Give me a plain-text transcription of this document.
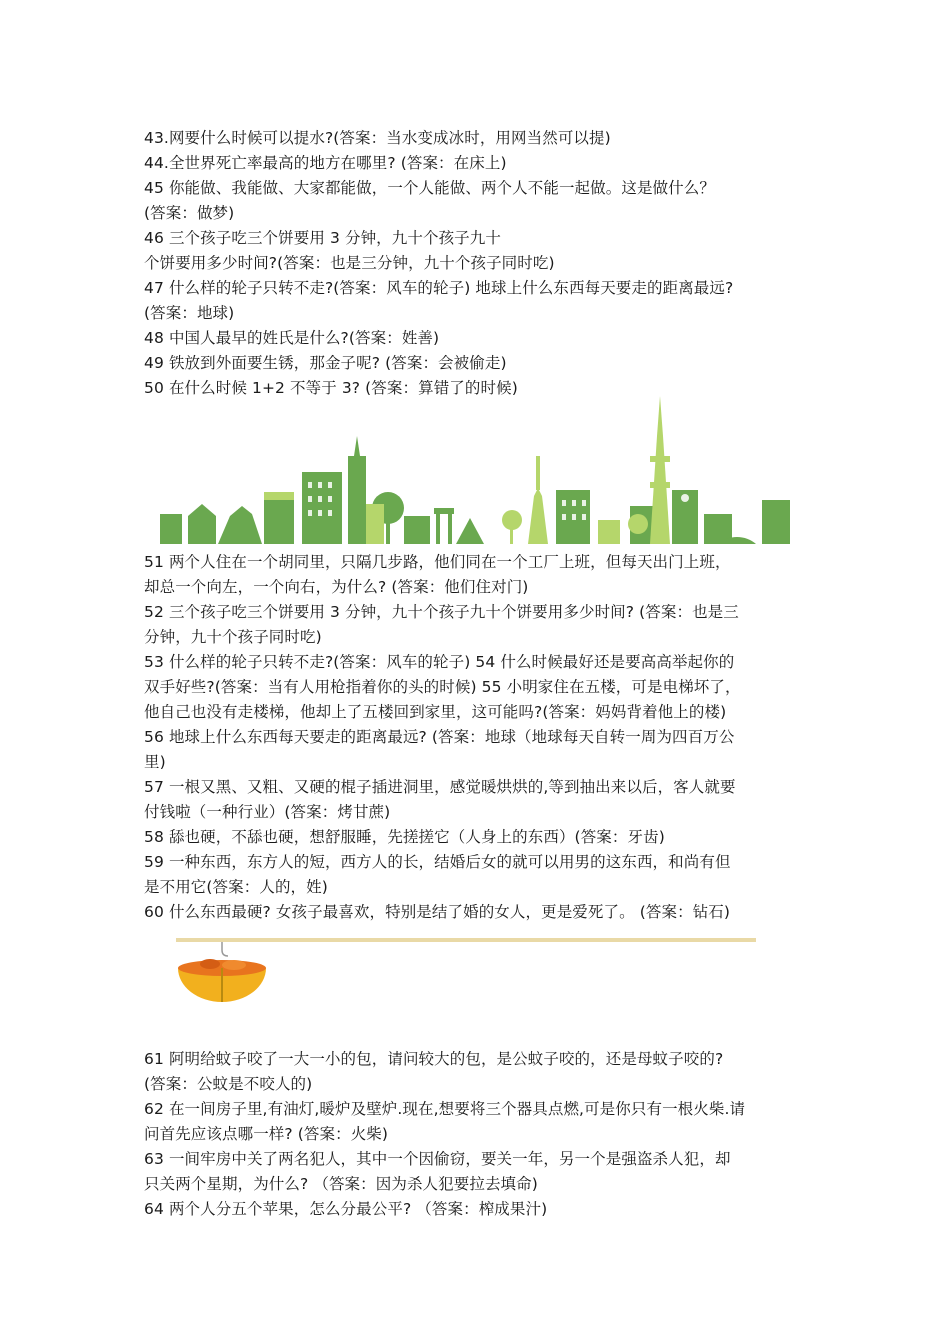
43.网要什么时候可以提水?(答案：当水变成冰时，用网当然可以提)
44.全世界死亡率最高的地方在哪里? (答案：在床上)
45 你能做、我能做、大家都能做，一个人能做、两个人不能一起做。这是做什么？
(答案：做梦)
46 三个孩子吃三个饼要用 3 分钟，九十个孩子九十
个饼要用多少时间?(答案：也是三分钟，九十个孩子同时吃)
47 什么样的轮子只转不走?(答案：风车的轮子) 地球上什么东西每天要走的距离最远?
(答案：地球)
48 中国人最早的姓氏是什么?(答案：姓善)
49 铁放到外面要生锈，那金子呢? (答案：会被偷走)
50 在什么时候 1+2 不等于 3? (答案：算错了的时候)
51 两个人住在一个胡同里，只隔几步路，他们同在一个工厂上班，但每天出门上班，
却总一个向左，一个向右，为什么? (答案：他们住对门)
52 三个孩子吃三个饼要用 3 分钟，九十个孩子九十个饼要用多少时间? (答案：也是三
分钟，九十个孩子同时吃)
53 什么样的轮子只转不走?(答案：风车的轮子) 54 什么时候最好还是要高高举起你的
双手好些?(答案：当有人用枪指着你的头的时候) 55 小明家住在五楼，可是电梯坏了，
他自己也没有走楼梯，他却上了五楼回到家里，这可能吗?(答案：妈妈背着他上的楼)
56 地球上什么东西每天要走的距离最远? (答案：地球（地球每天自转一周为四百万公
里)
57 一根又黑、又粗、又硬的棍子插进洞里，感觉暖烘烘的,等到抽出来以后，客人就要
付钱啦（一种行业）(答案：烤甘蔗)
58 舔也硬，不舔也硬，想舒服睡，先搓搓它（人身上的东西）(答案：牙齿)
59 一种东西，东方人的短，西方人的长，结婚后女的就可以用男的这东西，和尚有但
是不用它(答案：人的，姓)
60 什么东西最硬? 女孩子最喜欢，特别是结了婚的女人，更是爱死了。 (答案：钻石)
61 阿明给蚊子咬了一大一小的包，请问较大的包，是公蚊子咬的，还是母蚊子咬的?
(答案：公蚊是不咬人的)
62 在一间房子里,有油灯,暖炉及壁炉.现在,想要将三个器具点燃,可是你只有一根火柴.请
问首先应该点哪一样? (答案：火柴)
63 一间牢房中关了两名犯人，其中一个因偷窃，要关一年，另一个是强盗杀人犯，却
只关两个星期，为什么? （答案：因为杀人犯要拉去填命)
64 两个人分五个苹果，怎么分最公平? （答案：榨成果汁)
